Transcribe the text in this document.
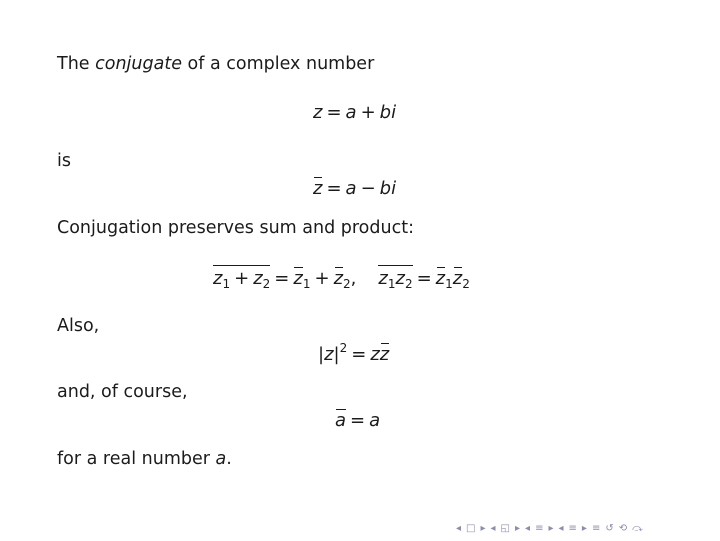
The conjugate of a complex number
z = a + bi
is
z = a − bi
Conjugation preserves sum and product:
$z_1 + z_2 = z_1 + z_2$, $z_1z_2 = z_1z_2$
Also,
$|z|^2$ = zz
and, of course,
a = a
for a real number a.
◂ □ ▸ ◂ ◱ ▸ ◂ ≡ ▸ ◂ ≡ ▸ ≡ ↺ ⟲ ⤼
